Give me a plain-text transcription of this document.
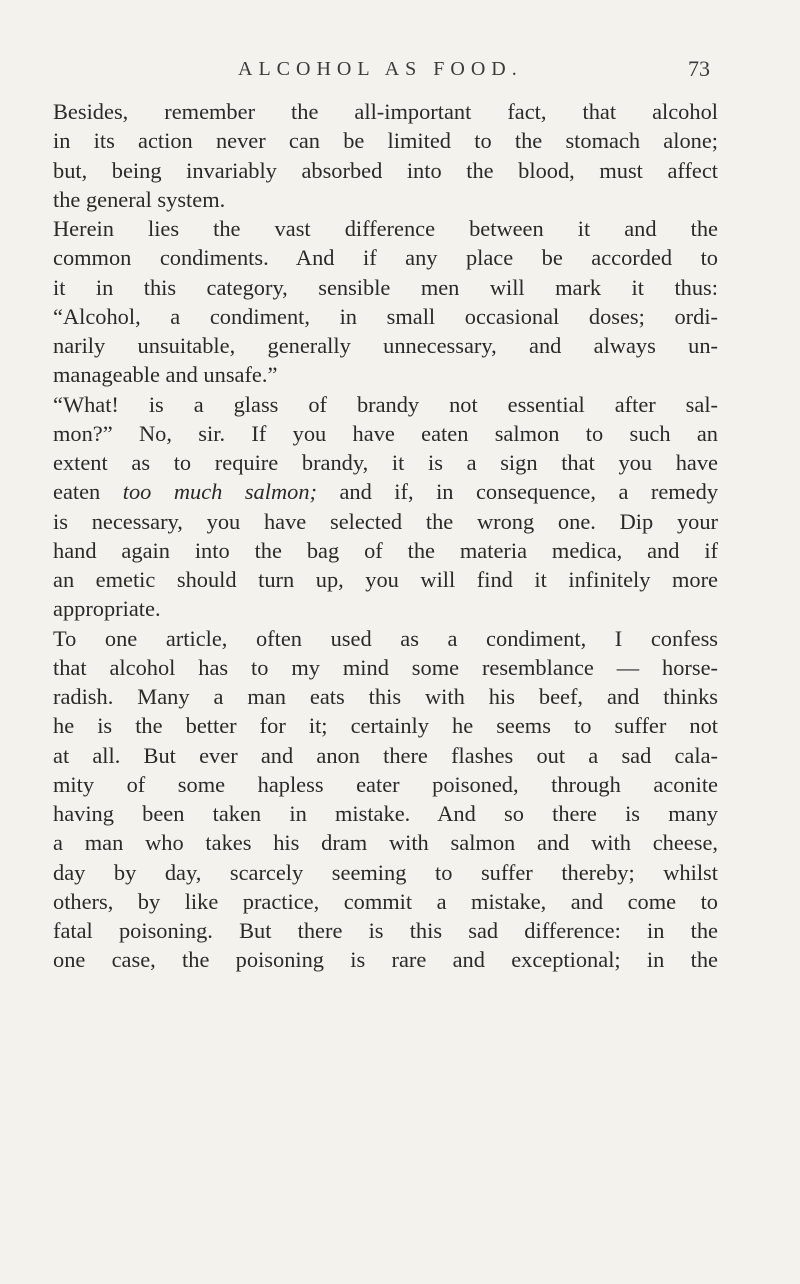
ALCOHOL AS FOOD.	73
Besides, remember the all-important fact, that alcohol
in its action never can be limited to the stomach alone;
but, being invariably absorbed into the blood, must affect
the general system.
Herein lies the vast difference between it and the
common condiments. And if any place be accorded to
it in this category, sensible men will mark it thus:
“Alcohol, a condiment, in small occasional doses; ordi-
narily unsuitable, generally unnecessary, and always un-
manageable and unsafe.”
“What! is a glass of brandy not essential after sal-
mon?” No, sir. If you have eaten salmon to such an
extent as to require brandy, it is a sign that you have
eaten too much salmon; and if, in consequence, a remedy
is necessary, you have selected the wrong one. Dip your
hand again into the bag of the materia medica, and if
an emetic should turn up, you will find it infinitely more
appropriate.
To one article, often used as a condiment, I confess
that alcohol has to my mind some resemblance — horse-
radish. Many a man eats this with his beef, and thinks
he is the better for it; certainly he seems to suffer not
at all. But ever and anon there flashes out a sad cala-
mity of some hapless eater poisoned, through aconite
having been taken in mistake. And so there is many
a man who takes his dram with salmon and with cheese,
day by day, scarcely seeming to suffer thereby; whilst
others, by like practice, commit a mistake, and come to
fatal poisoning. But there is this sad difference: in the
one case, the poisoning is rare and exceptional; in the
